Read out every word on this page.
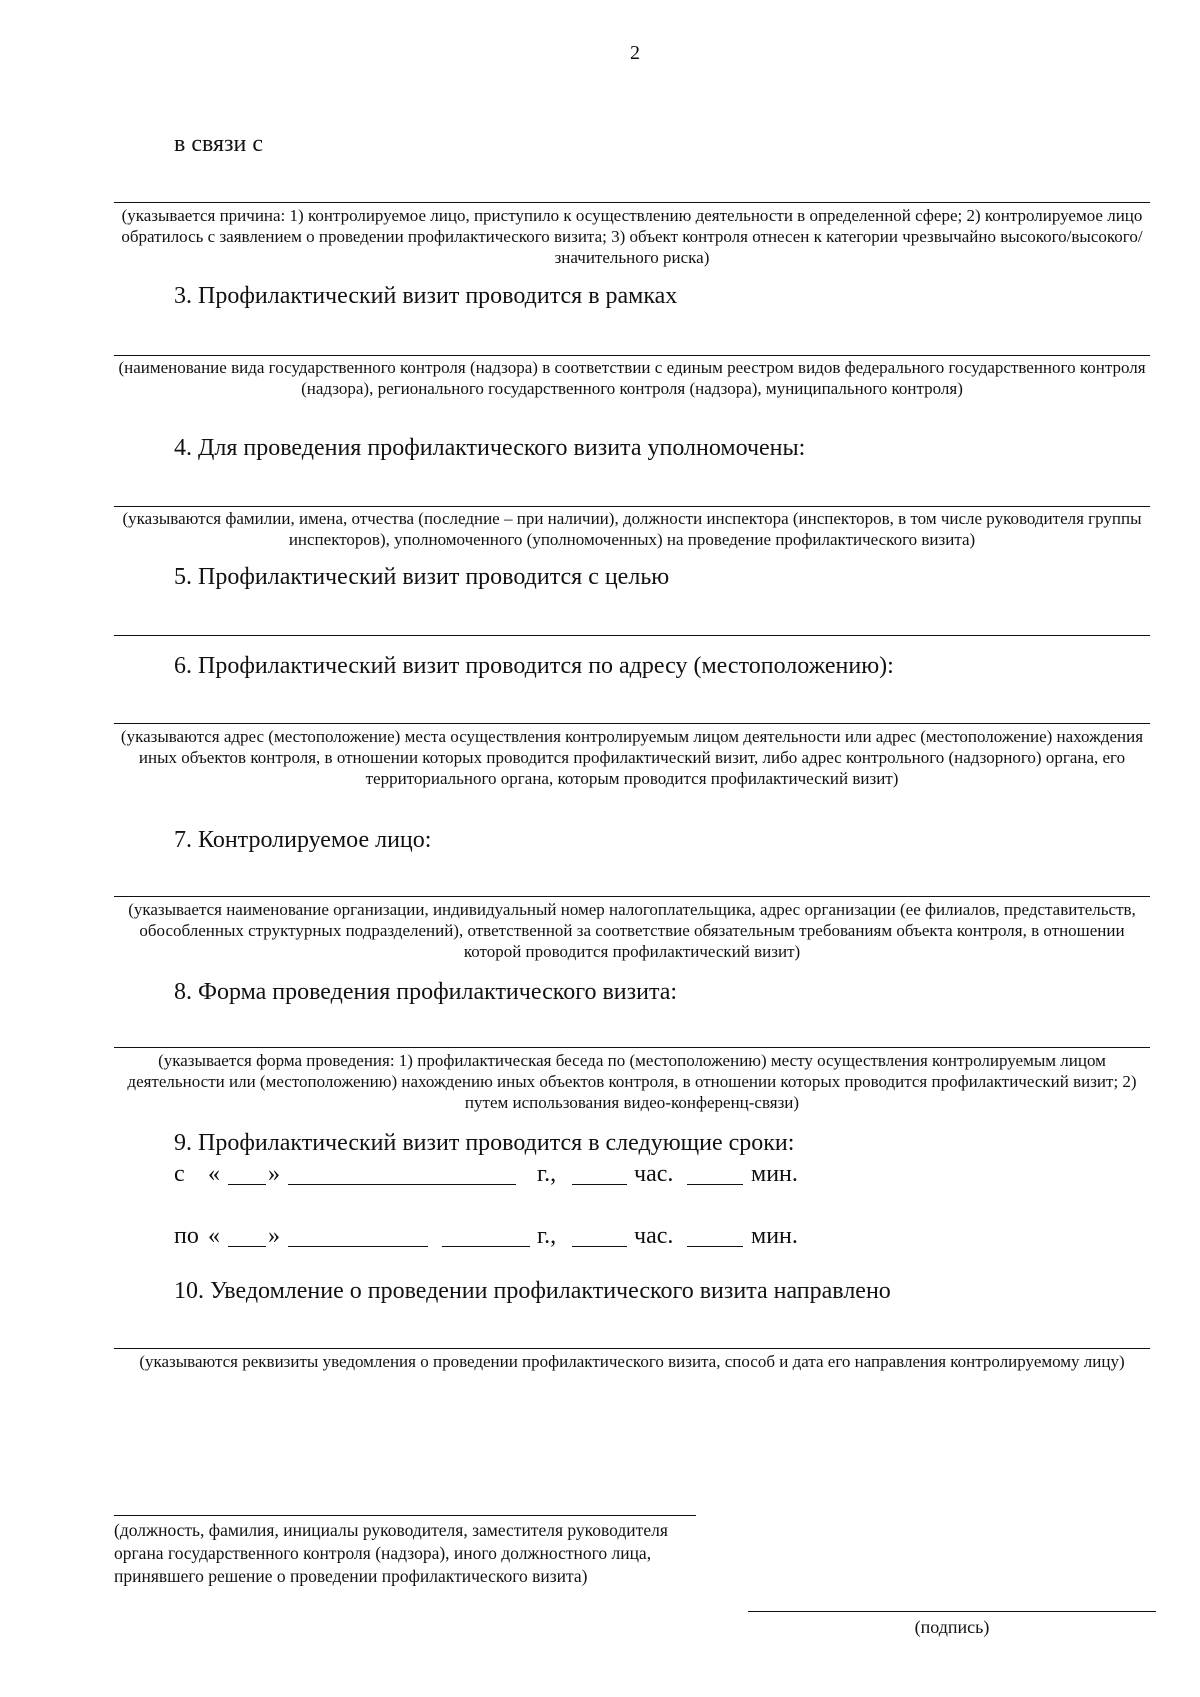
2
в связи с
(указывается причина: 1) контролируемое лицо, приступило к осуществлению деятельности в определенной сфере; 2) контролируемое лицо обратилось с заявлением о проведении профилактического визита; 3) объект контроля отнесен к категории чрезвычайно высокого/высокого/значительного риска)
3. Профилактический визит проводится в рамках
(наименование вида государственного контроля (надзора) в соответствии с единым реестром видов федерального государственного контроля (надзора), регионального государственного контроля (надзора), муниципального контроля)
4. Для проведения профилактического визита уполномочены:
(указываются фамилии, имена, отчества (последние – при наличии), должности инспектора (инспекторов, в том числе руководителя группы инспекторов), уполномоченного (уполномоченных) на проведение профилактического визита)
5. Профилактический визит проводится с целью
6. Профилактический визит проводится по адресу (местоположению):
(указываются адрес (местоположение) места осуществления контролируемым лицом деятельности или адрес (местоположение) нахождения иных объектов контроля, в отношении которых проводится профилактический визит, либо адрес контрольного (надзорного) органа, его территориального органа, которым проводится профилактический визит)
7. Контролируемое лицо:
(указывается наименование организации, индивидуальный номер налогоплательщика, адрес организации (ее филиалов, представительств, обособленных структурных подразделений), ответственной за соответствие обязательным требованиям объекта контроля, в отношении которой проводится профилактический визит)
8. Форма проведения профилактического визита:
(указывается форма проведения: 1) профилактическая беседа по (местоположению) месту осуществления контролируемым лицом деятельности или (местоположению) нахождению иных объектов контроля, в отношении которых проводится профилактический визит; 2) путем использования видео-конференц-связи)
9. Профилактический визит проводится в следующие сроки:
с « »	г.,	час.	мин.
по « »	г.,	час.	мин.
10. Уведомление о проведении профилактического визита направлено
(указываются реквизиты уведомления о проведении профилактического визита, способ и дата его направления контролируемому лицу)
(должность, фамилия, инициалы руководителя, заместителя руководителя органа государственного контроля (надзора), иного должностного лица, принявшего решение о проведении профилактического визита)
(подпись)
